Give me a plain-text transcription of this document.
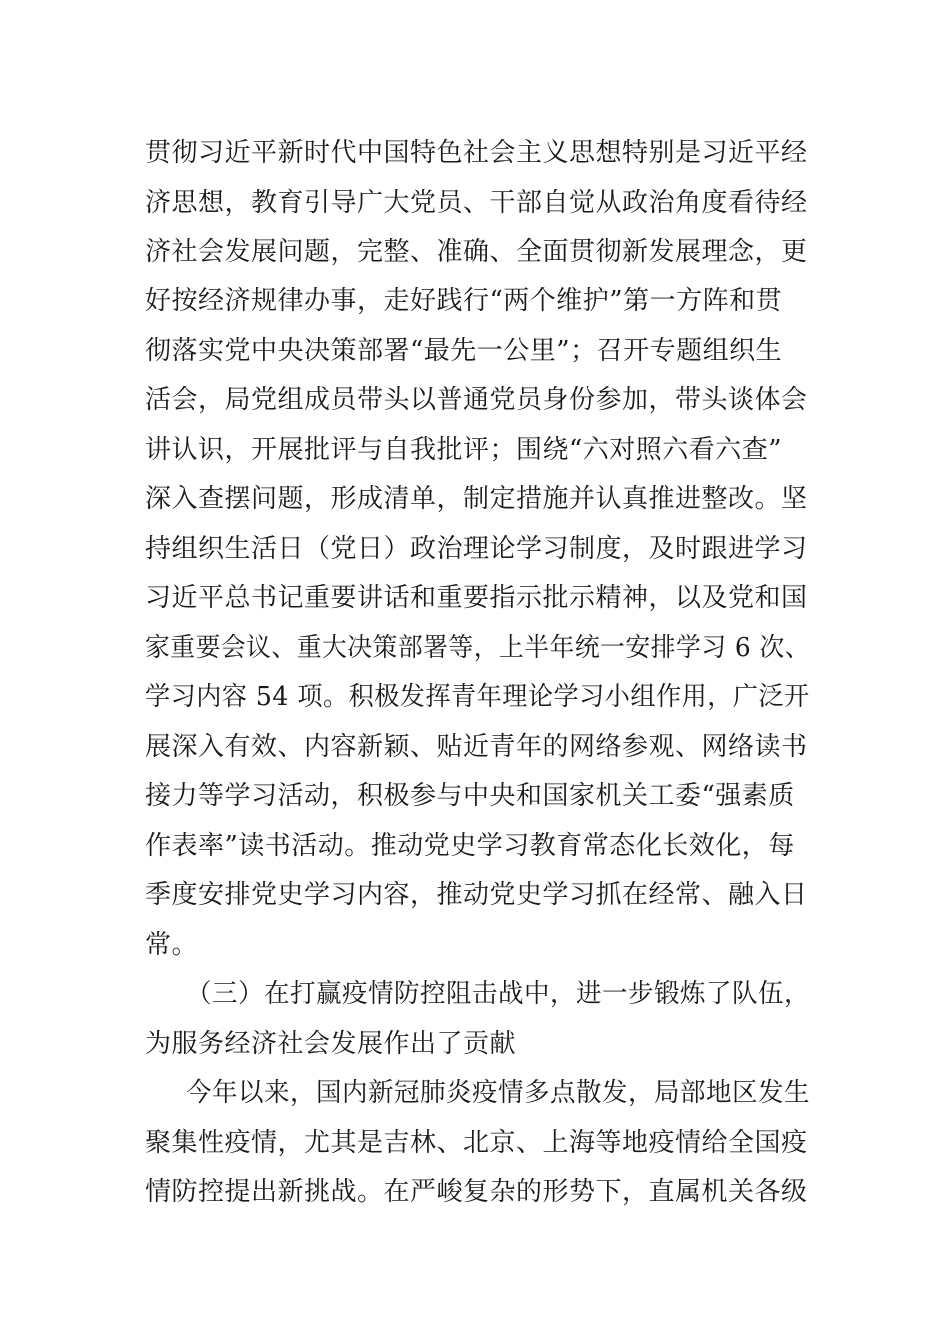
贯彻习近平新时代中国特色社会主义思想特别是习近平经
济思想，教育引导广大党员、干部自觉从政治角度看待经
济社会发展问题，完整、准确、全面贯彻新发展理念，更
好按经济规律办事，走好践行“两个维护”第一方阵和贯
彻落实党中央决策部署“最先一公里”；召开专题组织生
活会，局党组成员带头以普通党员身份参加，带头谈体会
讲认识，开展批评与自我批评；围绕“六对照六看六查”
深入查摆问题，形成清单，制定措施并认真推进整改。坚
持组织生活日（党日）政治理论学习制度，及时跟进学习
习近平总书记重要讲话和重要指示批示精神，以及党和国
家重要会议、重大决策部署等，上半年统一安排学习 6 次、
学习内容 54 项。积极发挥青年理论学习小组作用，广泛开
展深入有效、内容新颖、贴近青年的网络参观、网络读书
接力等学习活动，积极参与中央和国家机关工委“强素质
作表率”读书活动。推动党史学习教育常态化长效化，每
季度安排党史学习内容，推动党史学习抓在经常、融入日
常。
（三）在打赢疫情防控阻击战中，进一步锻炼了队伍，
为服务经济社会发展作出了贡献
今年以来，国内新冠肺炎疫情多点散发，局部地区发生
聚集性疫情，尤其是吉林、北京、上海等地疫情给全国疫
情防控提出新挑战。在严峻复杂的形势下，直属机关各级
